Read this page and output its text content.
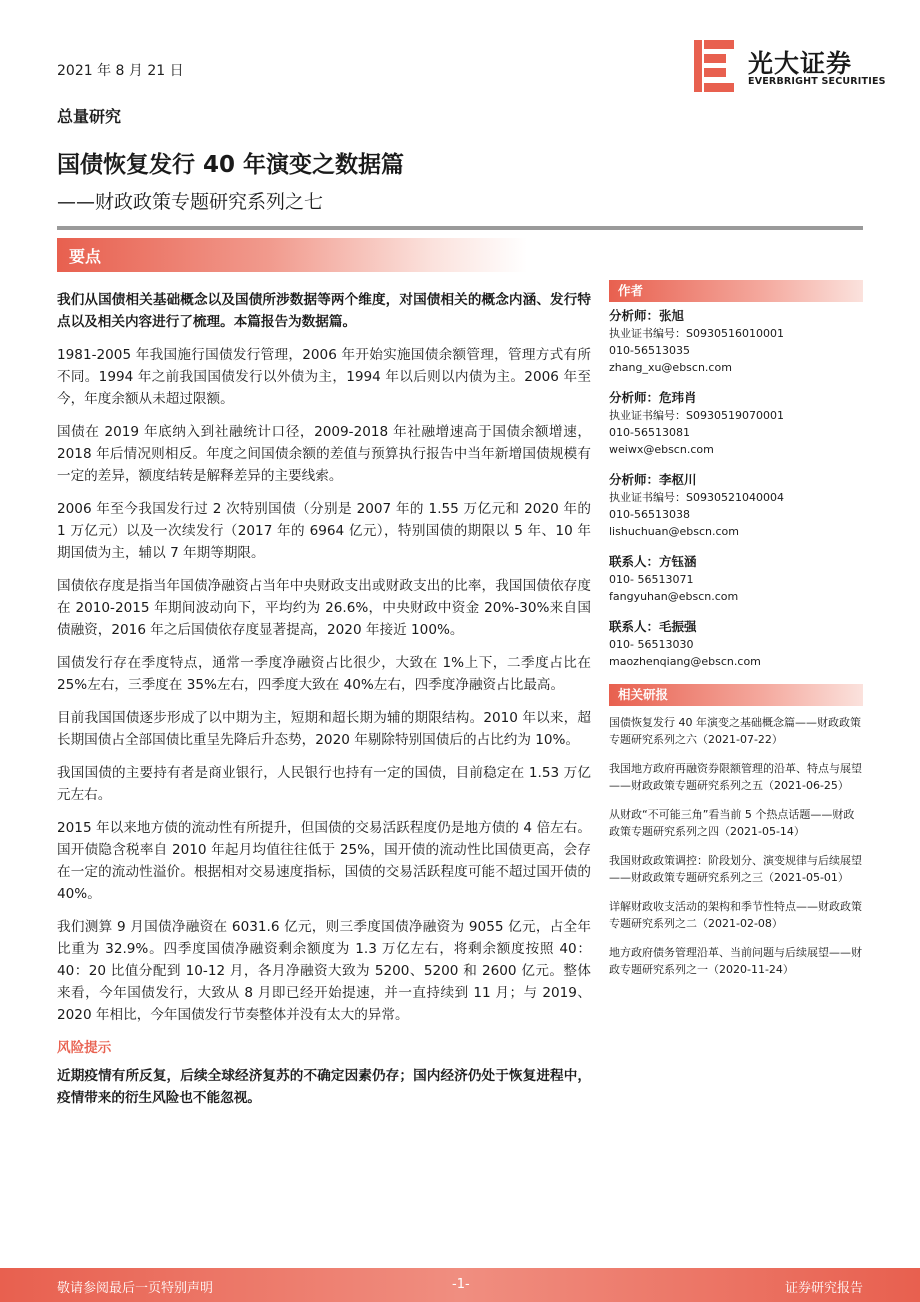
2021 年 8 月 21 日	光大证券
EVERBRIGHT SECURITIES
总量研究
国债恢复发行 40 年演变之数据篇
——财政政策专题研究系列之七
要点

我们从国债相关基础概念以及国债所涉数据等两个维度，对国债相关的概念内涵、发行特点以及相关内容进行了梳理。本篇报告为数据篇。

1981-2005 年我国施行国债发行管理，2006 年开始实施国债余额管理，管理方式有所不同。1994 年之前我国国债发行以外债为主，1994 年以后则以内债为主。2006 年至今，年度余额从未超过限额。

国债在 2019 年底纳入到社融统计口径，2009-2018 年社融增速高于国债余额增速，2018 年后情况则相反。年度之间国债余额的差值与预算执行报告中当年新增国债规模有一定的差异，额度结转是解释差异的主要线索。

2006 年至今我国发行过 2 次特别国债（分别是 2007 年的 1.55 万亿元和 2020 年的 1 万亿元）以及一次续发行（2017 年的 6964 亿元），特别国债的期限以 5 年、10 年期国债为主，辅以 7 年期等期限。

国债依存度是指当年国债净融资占当年中央财政支出或财政支出的比率，我国国债依存度在 2010-2015 年期间波动向下，平均约为 26.6%，中央财政中资金 20%-30%来自国债融资，2016 年之后国债依存度显著提高，2020 年接近 100%。

国债发行存在季度特点，通常一季度净融资占比很少，大致在 1%上下，二季度占比在 25%左右，三季度在 35%左右，四季度大致在 40%左右，四季度净融资占比最高。

目前我国国债逐步形成了以中期为主，短期和超长期为辅的期限结构。2010 年以来，超长期国债占全部国债比重呈先降后升态势，2020 年剔除特别国债后的占比约为 10%。

我国国债的主要持有者是商业银行，人民银行也持有一定的国债，目前稳定在 1.53 万亿元左右。

2015 年以来地方债的流动性有所提升，但国债的交易活跃程度仍是地方债的 4 倍左右。国开债隐含税率自 2010 年起月均值往往低于 25%，国开债的流动性比国债更高，会存在一定的流动性溢价。根据相对交易速度指标，国债的交易活跃程度可能不超过国开债的 40%。

我们测算 9 月国债净融资在 6031.6 亿元，则三季度国债净融资为 9055 亿元，占全年比重为 32.9%。四季度国债净融资剩余额度为 1.3 万亿左右，将剩余额度按照 40：40：20 比值分配到 10-12 月，各月净融资大致为 5200、5200 和 2600 亿元。整体来看，今年国债发行，大致从 8 月即已经开始提速，并一直持续到 11 月；与 2019、2020 年相比，今年国债发行节奏整体并没有太大的异常。

风险提示

近期疫情有所反复，后续全球经济复苏的不确定因素仍存；国内经济仍处于恢复进程中，疫情带来的衍生风险也不能忽视。

作者
分析师：张旭
执业证书编号：S0930516010001
010-56513035
zhang_xu@ebscn.com
分析师：危玮肖
执业证书编号：S0930519070001
010-56513081
weiwx@ebscn.com
分析师：李枢川
执业证书编号：S0930521040004
010-56513038
lishuchuan@ebscn.com
联系人：方钰涵
010- 56513071
fangyuhan@ebscn.com
联系人：毛振强
010- 56513030
maozhenqiang@ebscn.com
相关研报
国债恢复发行 40 年演变之基础概念篇——财政政策专题研究系列之六（2021-07-22）
我国地方政府再融资券限额管理的沿革、特点与展望——财政政策专题研究系列之五（2021-06-25）
从财政“不可能三角”看当前 5 个热点话题——财政政策专题研究系列之四（2021-05-14）
我国财政政策调控：阶段划分、演变规律与后续展望——财政政策专题研究系列之三（2021-05-01）
详解财政收支活动的架构和季节性特点——财政政策专题研究系列之二（2021-02-08）
地方政府债务管理沿革、当前问题与后续展望——财政专题研究系列之一（2020-11-24）
敬请参阅最后一页特别声明	-1-	证券研究报告
